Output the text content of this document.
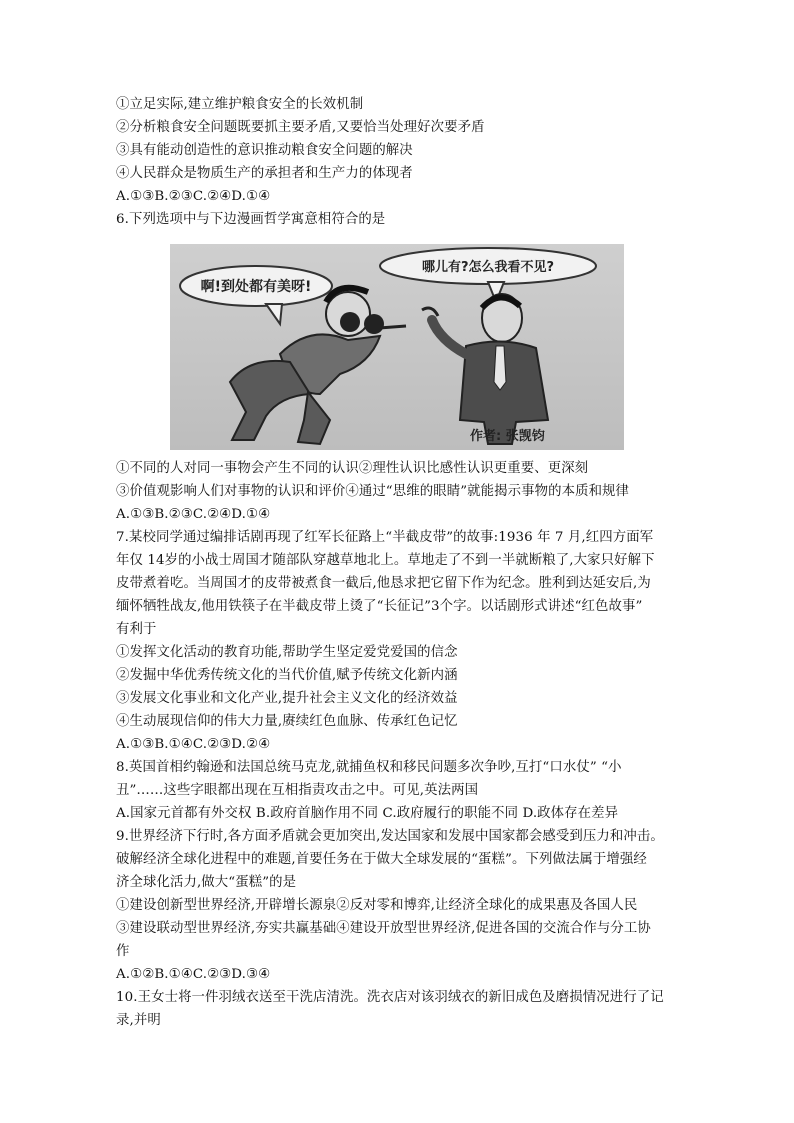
①立足实际,建立维护粮食安全的长效机制
②分析粮食安全问题既要抓主要矛盾,又要恰当处理好次要矛盾
③具有能动创造性的意识推动粮食安全问题的解决
④人民群众是物质生产的承担者和生产力的体现者
A.①③B.②③C.②④D.①④
6.下列选项中与下边漫画哲学寓意相符合的是
啊!到处都有美呀!
哪儿有?怎么我看不见?
作者: 张觊钧
①不同的人对同一事物会产生不同的认识②理性认识比感性认识更重要、更深刻
③价值观影响人们对事物的认识和评价④通过“思维的眼睛”就能揭示事物的本质和规律
A.①③B.②③C.②④D.①④
7.某校同学通过编排话剧再现了红军长征路上“半截皮带”的故事:1936 年 7 月,红四方面军
年仅 14岁的小战士周国才随部队穿越草地北上。草地走了不到一半就断粮了,大家只好解下
皮带煮着吃。当周国才的皮带被煮食一截后,他恳求把它留下作为纪念。胜利到达延安后,为
缅怀牺牲战友,他用铁筷子在半截皮带上烫了“长征记”3个字。以话剧形式讲述“红色故事”
有利于
①发挥文化活动的教育功能,帮助学生坚定爱党爱国的信念
②发掘中华优秀传统文化的当代价值,赋予传统文化新内涵
③发展文化事业和文化产业,提升社会主义文化的经济效益
④生动展现信仰的伟大力量,赓续红色血脉、传承红色记忆
A.①③B.①④C.②③D.②④
8.英国首相约翰逊和法国总统马克龙,就捕鱼权和移民问题多次争吵,互打“口水仗” “小
丑”……这些字眼都出现在互相指责攻击之中。可见,英法两国
A.国家元首都有外交权 B.政府首脑作用不同 C.政府履行的职能不同 D.政体存在差异
9.世界经济下行时,各方面矛盾就会更加突出,发达国家和发展中国家都会感受到压力和冲击。
破解经济全球化进程中的难题,首要任务在于做大全球发展的“蛋糕”。下列做法属于增强经
济全球化活力,做大“蛋糕”的是
①建设创新型世界经济,开辟增长源泉②反对零和博弈,让经济全球化的成果惠及各国人民
③建设联动型世界经济,夯实共赢基础④建设开放型世界经济,促进各国的交流合作与分工协
作
A.①②B.①④C.②③D.③④
10.王女士将一件羽绒衣送至干洗店清洗。洗衣店对该羽绒衣的新旧成色及磨损情况进行了记
录,并明
